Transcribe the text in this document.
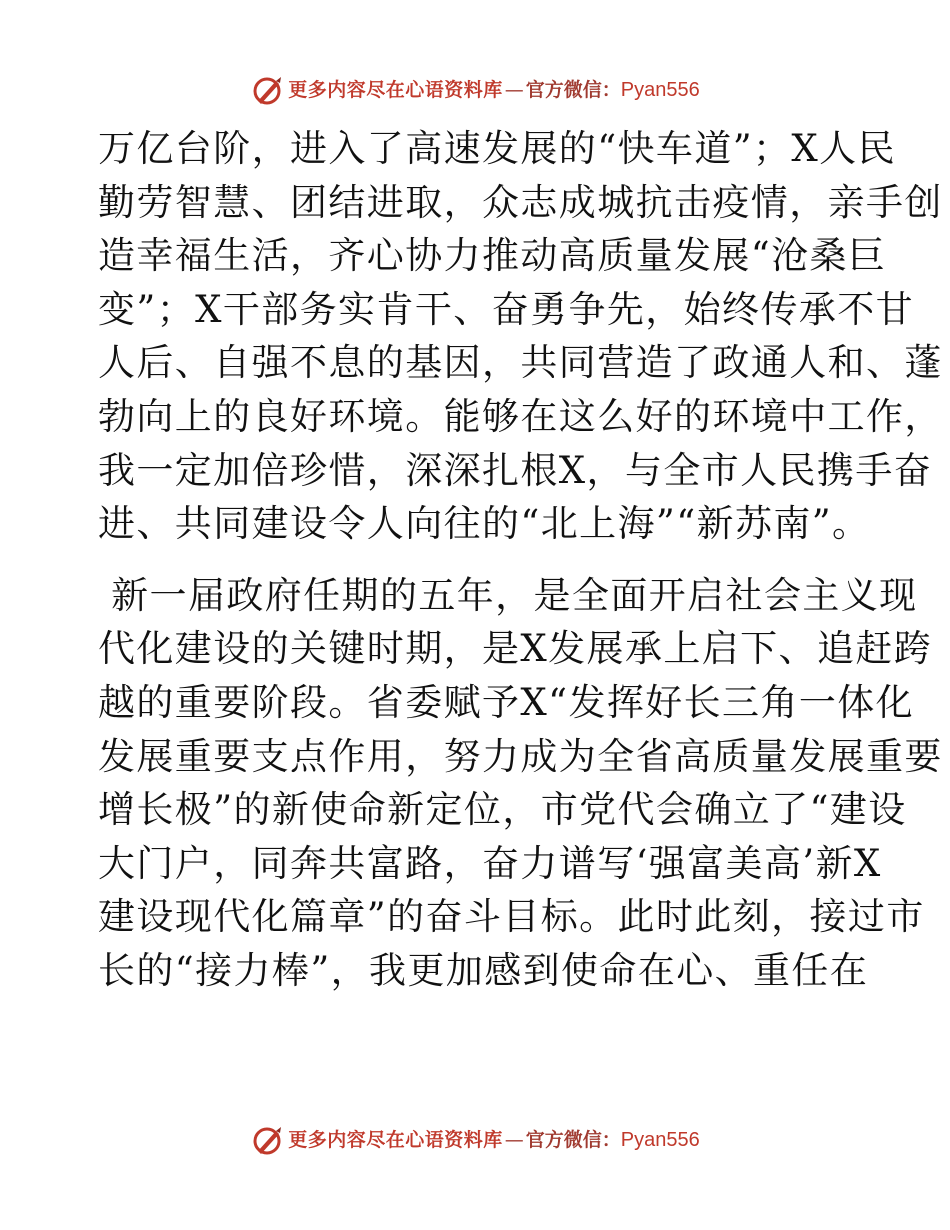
更多内容尽在心语资料库 — 官方微信： Pyan556
万亿台阶，进入了高速发展的“快车道”；X人民
勤劳智慧、团结进取，众志成城抗击疫情，亲手创
造幸福生活，齐心协力推动高质量发展“沧桑巨
变”；X干部务实肯干、奋勇争先，始终传承不甘
人后、自强不息的基因，共同营造了政通人和、蓬
勃向上的良好环境。能够在这么好的环境中工作，
我一定加倍珍惜，深深扎根X，与全市人民携手奋
进、共同建设令人向往的“北上海”“新苏南”。
新一届政府任期的五年，是全面开启社会主义现
代化建设的关键时期，是X发展承上启下、追赶跨
越的重要阶段。省委赋予X“发挥好长三角一体化
发展重要支点作用，努力成为全省高质量发展重要
增长极”的新使命新定位，市党代会确立了“建设
大门户，同奔共富路，奋力谱写‘强富美高’新X
建设现代化篇章”的奋斗目标。此时此刻，接过市
长的“接力棒”，我更加感到使命在心、重任在
更多内容尽在心语资料库 — 官方微信： Pyan556
